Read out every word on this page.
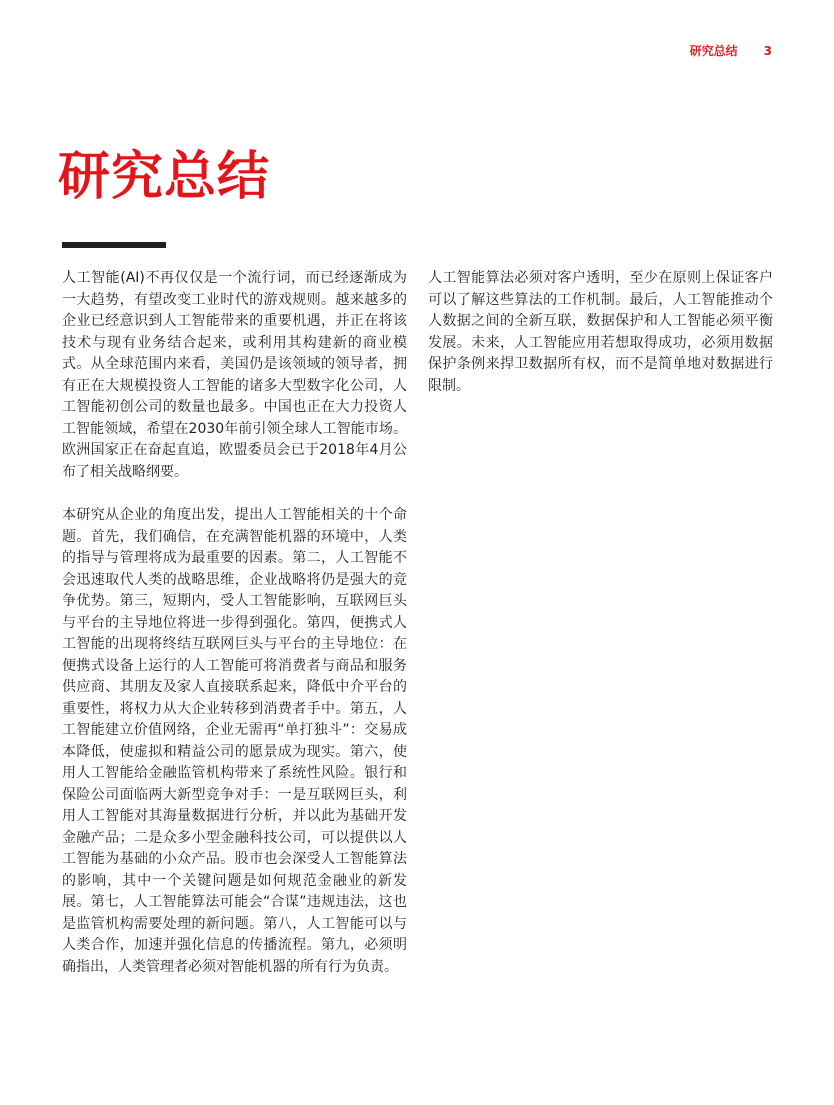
研究总结 3
研究总结

人工智能(AI)不再仅仅是一个流行词，而已经逐渐成为一大趋势，有望改变工业时代的游戏规则。越来越多的企业已经意识到人工智能带来的重要机遇，并正在将该技术与现有业务结合起来，或利用其构建新的商业模式。从全球范围内来看，美国仍是该领域的领导者，拥有正在大规模投资人工智能的诸多大型数字化公司，人工智能初创公司的数量也最多。中国也正在大力投资人工智能领域，希望在2030年前引领全球人工智能市场。欧洲国家正在奋起直追，欧盟委员会已于2018年4月公布了相关战略纲要。

本研究从企业的角度出发，提出人工智能相关的十个命题。首先，我们确信，在充满智能机器的环境中，人类的指导与管理将成为最重要的因素。第二，人工智能不会迅速取代人类的战略思维，企业战略将仍是强大的竞争优势。第三，短期内，受人工智能影响，互联网巨头与平台的主导地位将进一步得到强化。第四，便携式人工智能的出现将终结互联网巨头与平台的主导地位：在便携式设备上运行的人工智能可将消费者与商品和服务供应商、其朋友及家人直接联系起来，降低中介平台的重要性，将权力从大企业转移到消费者手中。第五，人工智能建立价值网络，企业无需再“单打独斗”：交易成本降低，使虚拟和精益公司的愿景成为现实。第六，使用人工智能给金融监管机构带来了系统性风险。银行和保险公司面临两大新型竞争对手：一是互联网巨头，利用人工智能对其海量数据进行分析，并以此为基础开发金融产品；二是众多小型金融科技公司，可以提供以人工智能为基础的小众产品。股市也会深受人工智能算法的影响，其中一个关键问题是如何规范金融业的新发展。第七，人工智能算法可能会“合谋”违规违法，这也是监管机构需要处理的新问题。第八，人工智能可以与人类合作，加速并强化信息的传播流程。第九，必须明确指出，人类管理者必须对智能机器的所有行为负责。

人工智能算法必须对客户透明，至少在原则上保证客户可以了解这些算法的工作机制。最后，人工智能推动个人数据之间的全新互联，数据保护和人工智能必须平衡发展。未来，人工智能应用若想取得成功，必须用数据保护条例来捍卫数据所有权，而不是简单地对数据进行限制。
